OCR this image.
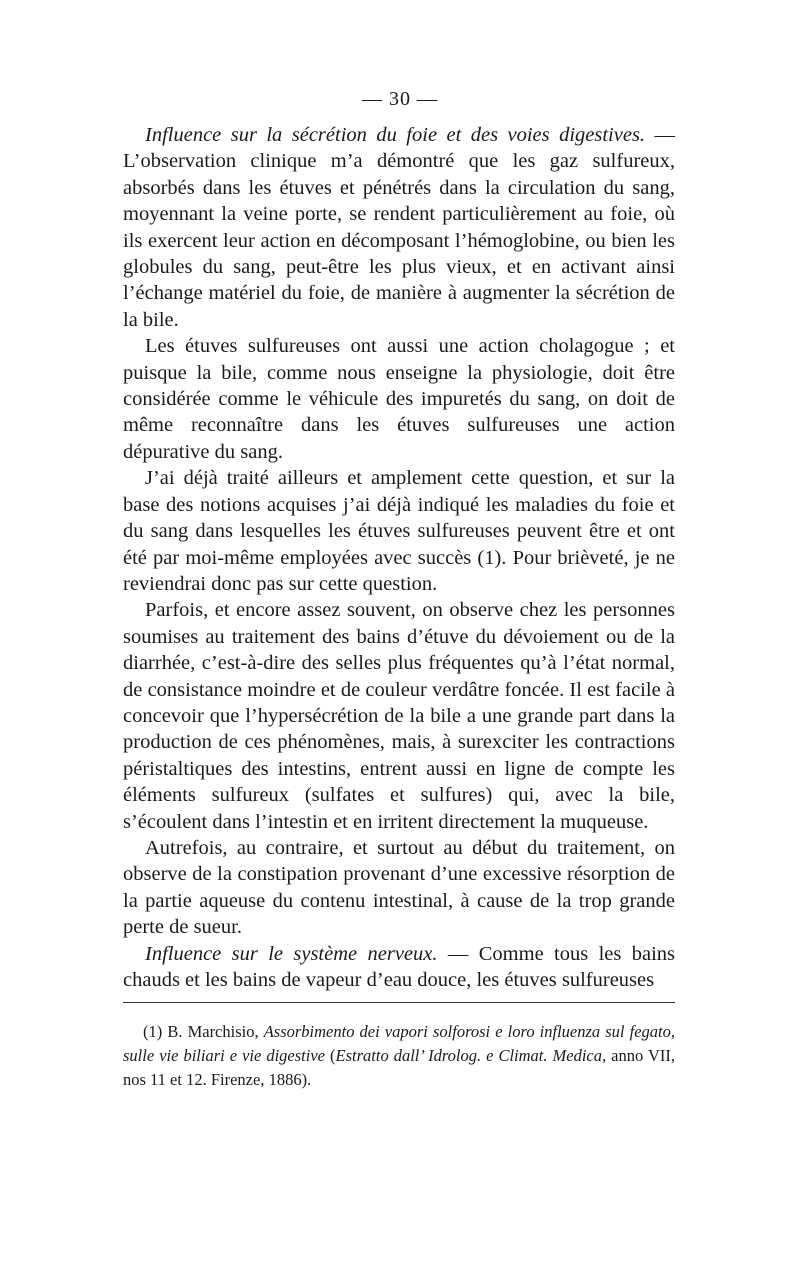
— 30 —

Influence sur la sécrétion du foie et des voies digestives. — L’observation clinique m’a démontré que les gaz sulfureux, absorbés dans les étuves et pénétrés dans la circulation du sang, moyennant la veine porte, se rendent particulièrement au foie, où ils exercent leur action en décomposant l’hémoglobine, ou bien les globules du sang, peut-être les plus vieux, et en activant ainsi l’échange matériel du foie, de manière à augmenter la sécrétion de la bile.

Les étuves sulfureuses ont aussi une action cholagogue ; et puisque la bile, comme nous enseigne la physiologie, doit être considérée comme le véhicule des impuretés du sang, on doit de même reconnaître dans les étuves sulfureuses une action dépurative du sang.

J’ai déjà traité ailleurs et amplement cette question, et sur la base des notions acquises j’ai déjà indiqué les maladies du foie et du sang dans lesquelles les étuves sulfureuses peuvent être et ont été par moi-même employées avec succès (1). Pour brièveté, je ne reviendrai donc pas sur cette question.

Parfois, et encore assez souvent, on observe chez les personnes soumises au traitement des bains d’étuve du dévoiement ou de la diarrhée, c’est-à-dire des selles plus fréquentes qu’à l’état normal, de consistance moindre et de couleur verdâtre foncée. Il est facile à concevoir que l’hypersécrétion de la bile a une grande part dans la production de ces phénomènes, mais, à surexciter les contractions péristaltiques des intestins, entrent aussi en ligne de compte les éléments sulfureux (sulfates et sulfures) qui, avec la bile, s’écoulent dans l’intestin et en irritent directement la muqueuse.

Autrefois, au contraire, et surtout au début du traitement, on observe de la constipation provenant d’une excessive résorption de la partie aqueuse du contenu intestinal, à cause de la trop grande perte de sueur.

Influence sur le système nerveux. — Comme tous les bains chauds et les bains de vapeur d’eau douce, les étuves sulfureuses

(1) B. Marchisio, Assorbimento dei vapori solforosi e loro influenza sul fegato, sulle vie biliari e vie digestive (Estratto dall’ Idrolog. e Climat. Medica, anno VII, nos 11 et 12. Firenze, 1886).
